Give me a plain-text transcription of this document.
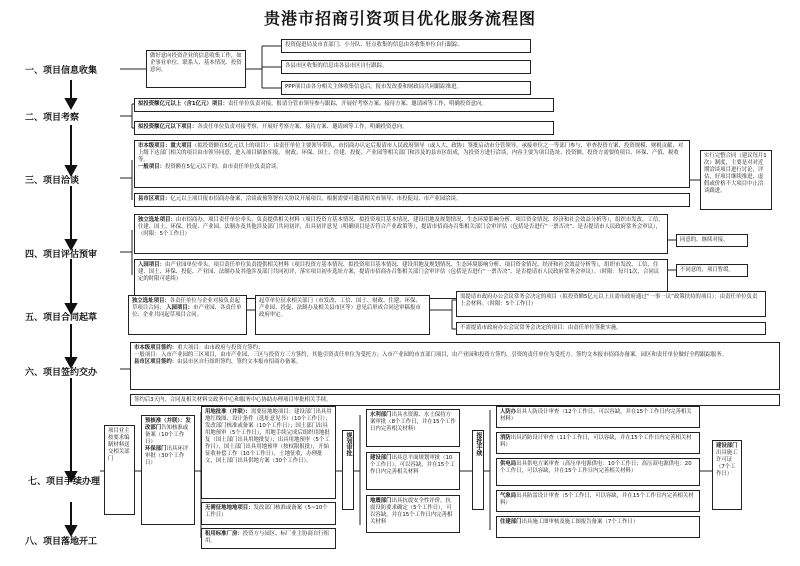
贵港市招商引资项目优化服务流程图
一、项目信息收集
二、项目考察
三、项目洽谈
四、项目评估预审
五、项目合同起草
六、项目签约交办
七、项目手续办理
八、项目落地开工
做好意向投资企业的信息收集工作，如企事业单位、联系人、基本情况、投资意向。
投资促进局及市直部门、小分队、驻点收集的信息由各收集单位自行跟踪。
各县市区收集的信息由各县市区自行跟踪。
PPP项目由各分相关主体收集信息后，报市发改委和财政局共同跟踪推进。
拟投资额亿元以上（含1亿元）项目：责任单位负责对接，报请分管市领导参与跟踪，开展好考察方案、接待方案、邀请函等工作，明确投资意向。
拟投资额亿元以下项目：各责任单位负责对接考察，开展好考察方案、接待方案、邀请函等工作，明确投资意向。
市本级项目：重大项目（拟投资额在5亿元以上的项目）：由责任单位主要领导带队，市招商办认定后报请市人民政府领导（或人大、政协）签批启动市分管领导，承接单位之一等部门参与，审查投资方案、投资规模、财税贡献，对上级下达部门相关的项目由市领导同意，进入项目储备库报。 财政、环保、国土、住建、投促、产业园等相关部门和涉及的县市区组成，为投资方进行洽谈，内容主要为项目选址、投资额、投资方需要的项目、环保、产值、税收等。
一般项目：投资额在5亿元以下的，由市责任单位负责洽谈。
县市区项目：亿元以上项目报市招商办备案，洽谈或预签署有关协议开展项目，根据需要可邀请相关市领导、市投促局、市产业园洽谈。
实行完整合同（建议每月1次）制度，主要是对对近期洽谈项目进行讨论，评估，好项目继续推进，虚假或价格不大项目中止洽谈跟进。
独立选址项目：由市招商办、项目责任单位牵头，负责提供相关材料（项目投资方基本情况、拟投资项目基本情况、建设用地及规划情况、生态环境影响分析、项目资金情况、经济和社会效益分析等），组织市发改、工信、住建、国土、环保、投促、产业园、法制办及其他涉及部门共同初评，出具初评意见（明确项目是否符合产业政策等），提请市招商办召集相关部门会审评估（包括是否进行“一票否决”、是否提请市人民政府常务会审议），（时限：5个工作日）
入园项目：由产业园单位牵头，项目责任单位负责提供相关材料（项目投资方基本情况、拟投资项目基本情况、建设用地及规划情况、生态环境影响分析、项目资金情况、经济和社会效益分析等），组织市发改、工信、住建、国土、环保、投促、产业园、法制办及其他涉及部门共同初评，落实项目初步选址方案，提请市招商办召集相关部门会审评估（包括是否进行“一票否决”、是否提请市人民政府常务会审议）。（时限：每月1次，合同议定的时限可延续）
同意的，继续对接。
不同意的，项目暂缓。
独立选址项目：各责任单位与企业对接负责起草项目合同； 入园项目：市产业园、各责任单位、企业共同起草项目合同。
起草单位征求相关部门（市发改、工信、国土、财政、住建、环保、产业园、投促、法制办及相关县市区等）意见后形成合同送审稿报市政府审定。
需提请市政府办公会议常务会决定的项目（拟投资额5亿元以上且需市政府通过“一事一议”政策扶持的项目）：由责任单位负责上会材料。（时限：5个工作日）
不需提请市政府办公会议常务会决定的项目：由责任单位签批实施。
市本级项目签约：重大项目：由市政府与投资方签约；
一般项目：入市产业园的三区项目，由市产业园、三区与投资方三方签约，其他引资责任单位为受托方；入市产业园的市直部门项目，由产业园和投资方签约，引资的责任单位为受托方。签约文本报市招商办备案。园区和责任单位做好全程跟踪服务。
县市区项目签约：由县市区自行组织签约，签约文本报市招商办备案。
签约后3天内，合同及相关材料交政务中心和服务中心协助办理项目审批相关手续。
项目业主按要求编制材料送交相关部门
预核准（并联）：发改部门告知核准或备案（10个工作日）
环保部门出具环评审批（30个工作日）
用地批准（并联）：需要征地地项目：建设部门出具用地红线图、设计条件（选址意见书）（10个工作日）；发改部门核准或备案（10个工作日）；国土部门出具用地预审（5个工作日），用地手续完成后组织用地批复（国土部门出具用地批复）；出具用地预审（5个工作日），国土部门出具用地预审（按权限报批），开始征收补偿工作（10个工作日），土地征收，办理批文，国土部门出具供地方案（30个工作日）。
无需征地地地项目：发改部门核准或备案（5~10个工作日）
租用标准厂房：投资方与园区、标厂业主协商自行租用。
规划审批
水利部门出具水资源、水土保持方案审批（8个工作日，并在15个工作日内完善相关材料）
建设部门出具总平面规划审批（10个工作日），可以容缺，并在15个工作日内完善相关材料
地震部门出具抗震安全性评价，抗震设防要求确定（5个工作日），可以容缺，并在15个工作日内完善相关材料
报批手续
人防办出具人防设计审查（12个工作日，可以容缺，并在15个工作日内完善相关材料）
消防出具消防设计审查（11个工作日，可以容缺，并在15个工作日内完善相关材料）
供电局出具供电方案审查（高压单电源供电：10个工作日；高压双电源供电：20个工作日，可以容缺，并在15个工作日内完善相关材料）
气象局出具防雷设计审查（5个工作日，可以容缺，并在15个工作日内完善相关材料）
住建部门出具施工图审核及施工图报告备案（7个工作日）
建设部门出具施工许可证（7个工作日）
